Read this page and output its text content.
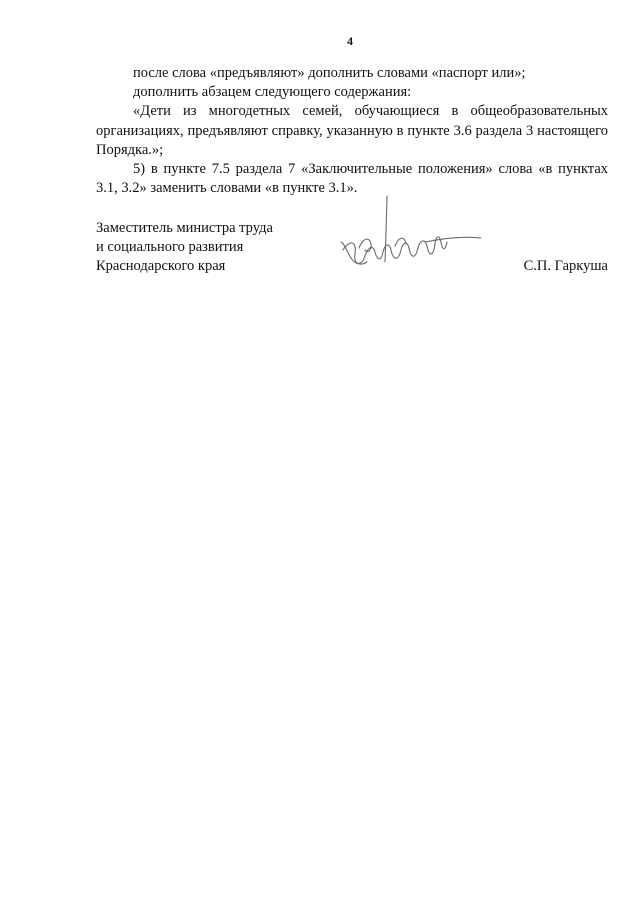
4

после слова «предъявляют» дополнить словами «паспорт или»;

дополнить абзацем следующего содержания:

«Дети из многодетных семей, обучающиеся в общеобразовательных организациях, предъявляют справку, указанную в пункте 3.6 раздела 3 настоящего Порядка.»;

5) в пункте 7.5 раздела 7 «Заключительные положения» слова «в пунктах 3.1, 3.2» заменить словами «в пункте 3.1».

Заместитель министра труда
и социального развития
Краснодарского края	С.П. Гаркуша
